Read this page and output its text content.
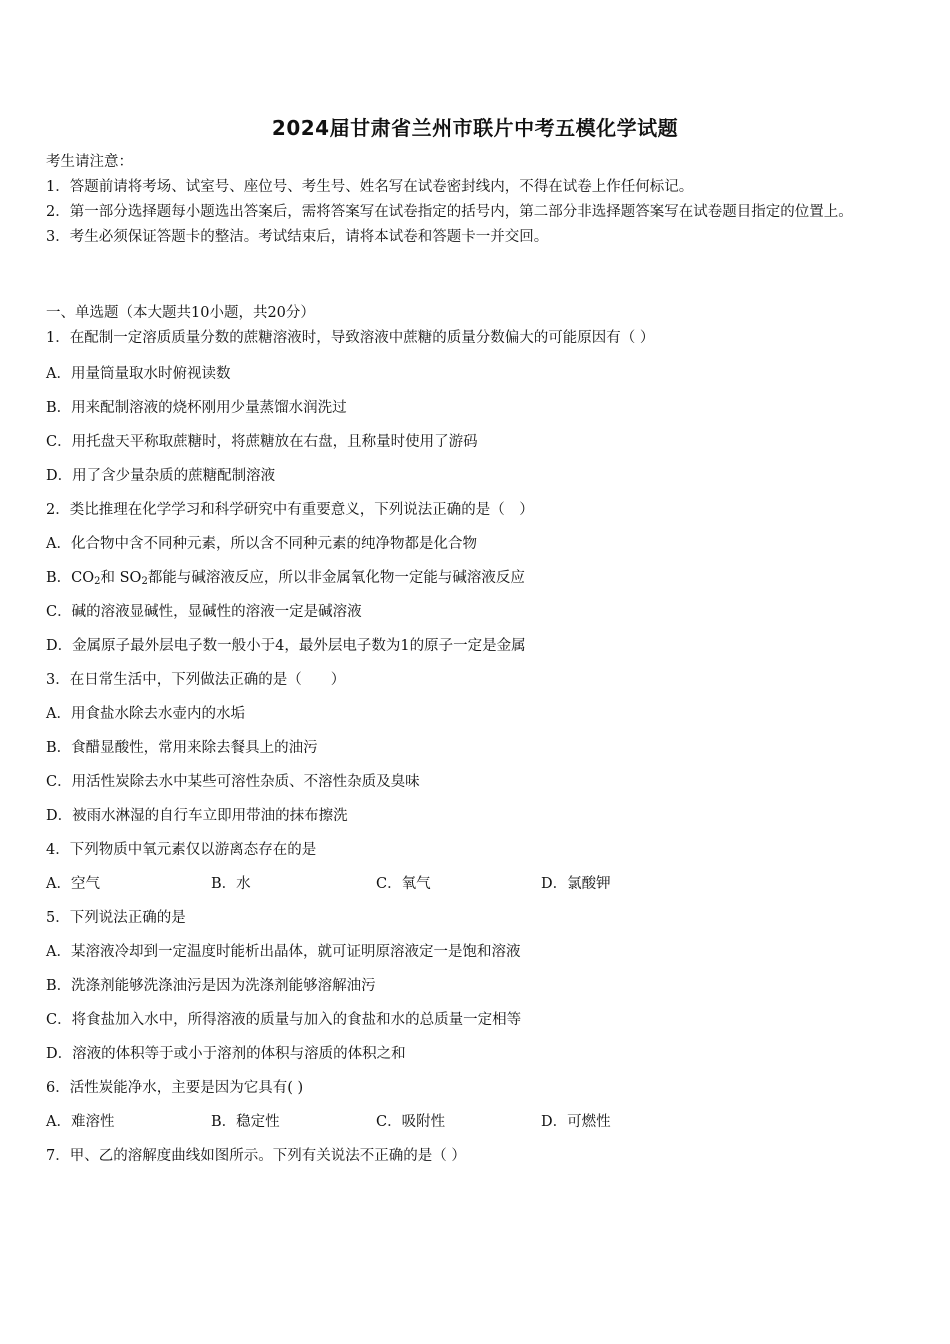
2024届甘肃省兰州市联片中考五模化学试题
考生请注意：
1．答题前请将考场、试室号、座位号、考生号、姓名写在试卷密封线内，不得在试卷上作任何标记。
2．第一部分选择题每小题选出答案后，需将答案写在试卷指定的括号内，第二部分非选择题答案写在试卷题目指定的位置上。
3．考生必须保证答题卡的整洁。考试结束后，请将本试卷和答题卡一并交回。
一、单选题（本大题共10小题，共20分）
1．在配制一定溶质质量分数的蔗糖溶液时，导致溶液中蔗糖的质量分数偏大的可能原因有（ ）
A．用量筒量取水时俯视读数
B．用来配制溶液的烧杯刚用少量蒸馏水润洗过
C．用托盘天平称取蔗糖时，将蔗糖放在右盘，且称量时使用了游码
D．用了含少量杂质的蔗糖配制溶液
2．类比推理在化学学习和科学研究中有重要意义，下列说法正确的是（　）
A．化合物中含不同种元素，所以含不同种元素的纯净物都是化合物
B．$CO_2$和 $SO_2$都能与碱溶液反应，所以非金属氧化物一定能与碱溶液反应
C．碱的溶液显碱性，显碱性的溶液一定是碱溶液
D．金属原子最外层电子数一般小于4，最外层电子数为1的原子一定是金属
3．在日常生活中，下列做法正确的是（　　）
A．用食盐水除去水壶内的水垢
B．食醋显酸性，常用来除去餐具上的油污
C．用活性炭除去水中某些可溶性杂质、不溶性杂质及臭味
D．被雨水淋湿的自行车立即用带油的抹布擦洗
4．下列物质中氧元素仅以游离态存在的是
A．空气	B．水	C．氧气	D．氯酸钾
5．下列说法正确的是
A．某溶液冷却到一定温度时能析出晶体，就可证明原溶液定一是饱和溶液
B．洗涤剂能够洗涤油污是因为洗涤剂能够溶解油污
C．将食盐加入水中，所得溶液的质量与加入的食盐和水的总质量一定相等
D．溶液的体积等于或小于溶剂的体积与溶质的体积之和
6．活性炭能净水，主要是因为它具有( )
A．难溶性	B．稳定性	C．吸附性	D．可燃性
7．甲、乙的溶解度曲线如图所示。下列有关说法不正确的是（ ）
